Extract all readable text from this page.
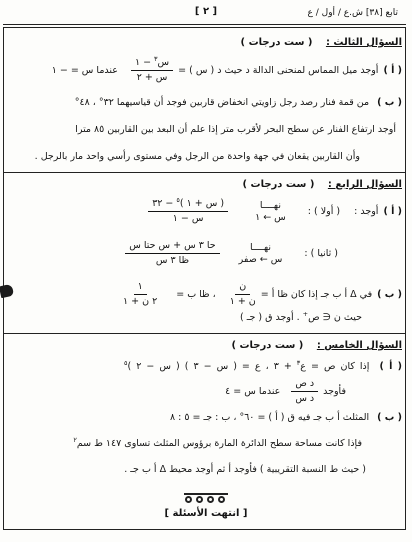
تابع [٣٨] ش.ع / أول / ع
[ ٢ ]
السؤال الثالث : ( ست درجات )
( أ )
أوجد ميل المماس لمنحنى الدالة د حيث د ( س ) =
$\frac{س^٣ - ١}{\text{س + ٢}}$
عندما س = − ١
( ب ) من قمة فنار رصد رجل زاويتي انخفاض قاربين فوجد أن قياسيهما ٣٢° ، ٤٨°
أوجد ارتفاع الفنار عن سطح البحر لأقرب متر إذا علم أن البعد بين القاربين ٨٥ مترا
وأن القاربين يقعان في جهة واحدة من الرجل وفي مستوى رأسي واحد مار بالرجل .
السؤال الرابع : ( ست درجات )
( أ )
أوجد :
( أولا ) :
نهــــا
س ← ١
$\frac{( س + ١ )^٥ - ٣٢}{\text{س − ١}}$
( ثانيا ) :
نهــــا
س ← صفر
$\frac{\text{حا ٣ س + س حتا س}}{\text{ظا ٣ س}}$
( ب )
في Δ أ ب جـ إذا كان ظا أ =
$\frac{\text{ن}}{\text{ن + ١}}$
، ظا ب =
$\frac{١}{\text{٢ ن + ١}}$
حيث ن ∈ ص+ . أوجد ق ( جـ )
السؤال الخامس : ( ست درجات )
( أ ) إذا كان ص = ع$^٣$ + ٣ ، ع = ( س − ٣ ) ( س − ٢ )$^٥$
فأوجد
$\frac{\text{د ص}}{\text{د س}}$
عندما س = ٤
( ب ) المثلث أ ب جـ فيه ق ( أ ) = ٦٠° ، ب : جـ = ٥ : ٨
فإذا كانت مساحة سطح الدائرة المارة برؤوس المثلث تساوى ١٤٧ ط سم$^٢$
( حيث ط النسبة التقريبية ) فأوجد أ ثم أوجد محيط Δ أ ب جـ .
[ انتهت الأسئلة ]
